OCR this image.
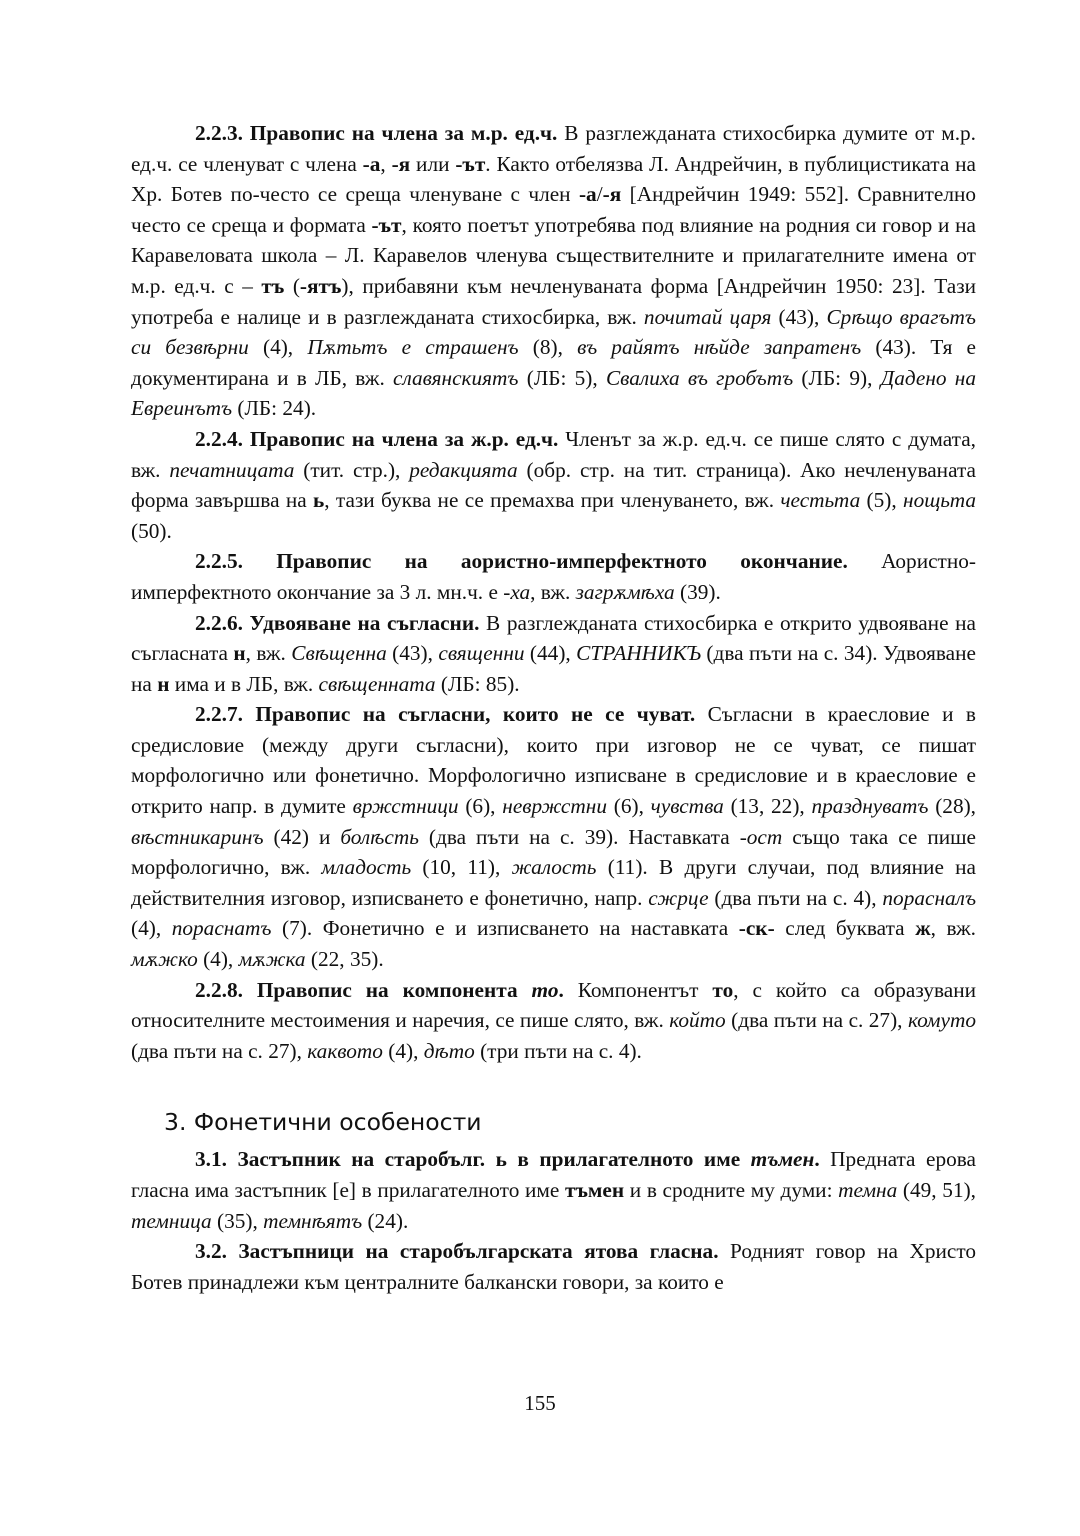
2.2.3. Правопис на члена за м.р. ед.ч. В разглежданата стихосбирка думите от м.р. ед.ч. се членуват с члена -а, -я или -ът. Както отбелязва Л. Андрейчин, в публицистиката на Хр. Ботев по-често се среща членуване с член -а/-я [Андрейчин 1949: 552]. Сравнително често се среща и формата -ът, която поетът употребява под влияние на родния си говор и на Каравеловата школа – Л. Каравелов членува съществителните и прилагателните имена от м.р. ед.ч. с – тъ (-ятъ), прибавяни към нечленуваната форма [Андрейчин 1950: 23]. Тази употреба е налице и в разглежданата стихосбирка, вж. почитай царя (43), Срѣщо врагътъ си безвѣрни (4), Пѫтьтъ е страшенъ (8), въ райятъ нѣйде запратенъ (43). Тя е документирана и в ЛБ, вж. славянскиятъ (ЛБ: 5), Свалиха въ гробътъ (ЛБ: 9), Дадено на Евреинътъ (ЛБ: 24).

2.2.4. Правопис на члена за ж.р. ед.ч. Членът за ж.р. ед.ч. се пише слято с думата, вж. печатницата (тит. стр.), редакцията (обр. стр. на тит. страница). Ако нечленуваната форма завършва на ь, тази буква не се премахва при членуването, вж. честьта (5), нощьта (50).

2.2.5. Правопис на аористно-имперфектното окончание. Аористно-имперфектното окончание за 3 л. мн.ч. е -ха, вж. загрѫмѣха (39).

2.2.6. Удвояване на съгласни. В разглежданата стихосбирка е открито удвояване на съгласната н, вж. Свѣщенна (43), священни (44), СТРАННИКЪ (два пъти на с. 34). Удвояване на н има и в ЛБ, вж. свѣщенната (ЛБ: 85).

2.2.7. Правопис на съгласни, които не се чуват. Съгласни в краесловие и в средисловие (между други съгласни), които при изговор не се чуват, се пишат морфологично или фонетично. Морфологично изписване в средисловие и в краесловие е открито напр. в думите вржстници (6), невржстни (6), чувства (13, 22), празднуватъ (28), вѣстникаринъ (42) и болѣсть (два пъти на с. 39). Наставката -ост също така се пише морфологично, вж. младость (10, 11), жалость (11). В други случаи, под влияние на действителния изговор, изписването е фонетично, напр. сжрце (два пъти на с. 4), порасналъ (4), пораснатъ (7). Фонетично е и изписването на наставката -ск- след буквата ж, вж. мѫжко (4), мѫжка (22, 35).

2.2.8. Правопис на компонента то. Компонентът то, с който са образувани относителните местоимения и наречия, се пише слято, вж. който (два пъти на с. 27), комуто (два пъти на с. 27), каквото (4), дѣто (три пъти на с. 4).

3. Фонетични особености

3.1. Застъпник на старобълг. ь в прилагателното име тъмен. Предната ерова гласна има застъпник [е] в прилагателното име тъмен и в сродните му думи: темна (49, 51), темница (35), темнѣятъ (24).

3.2. Застъпници на старобългарската ятова гласна. Родният говор на Христо Ботев принадлежи към централните балкански говори, за които е

155
